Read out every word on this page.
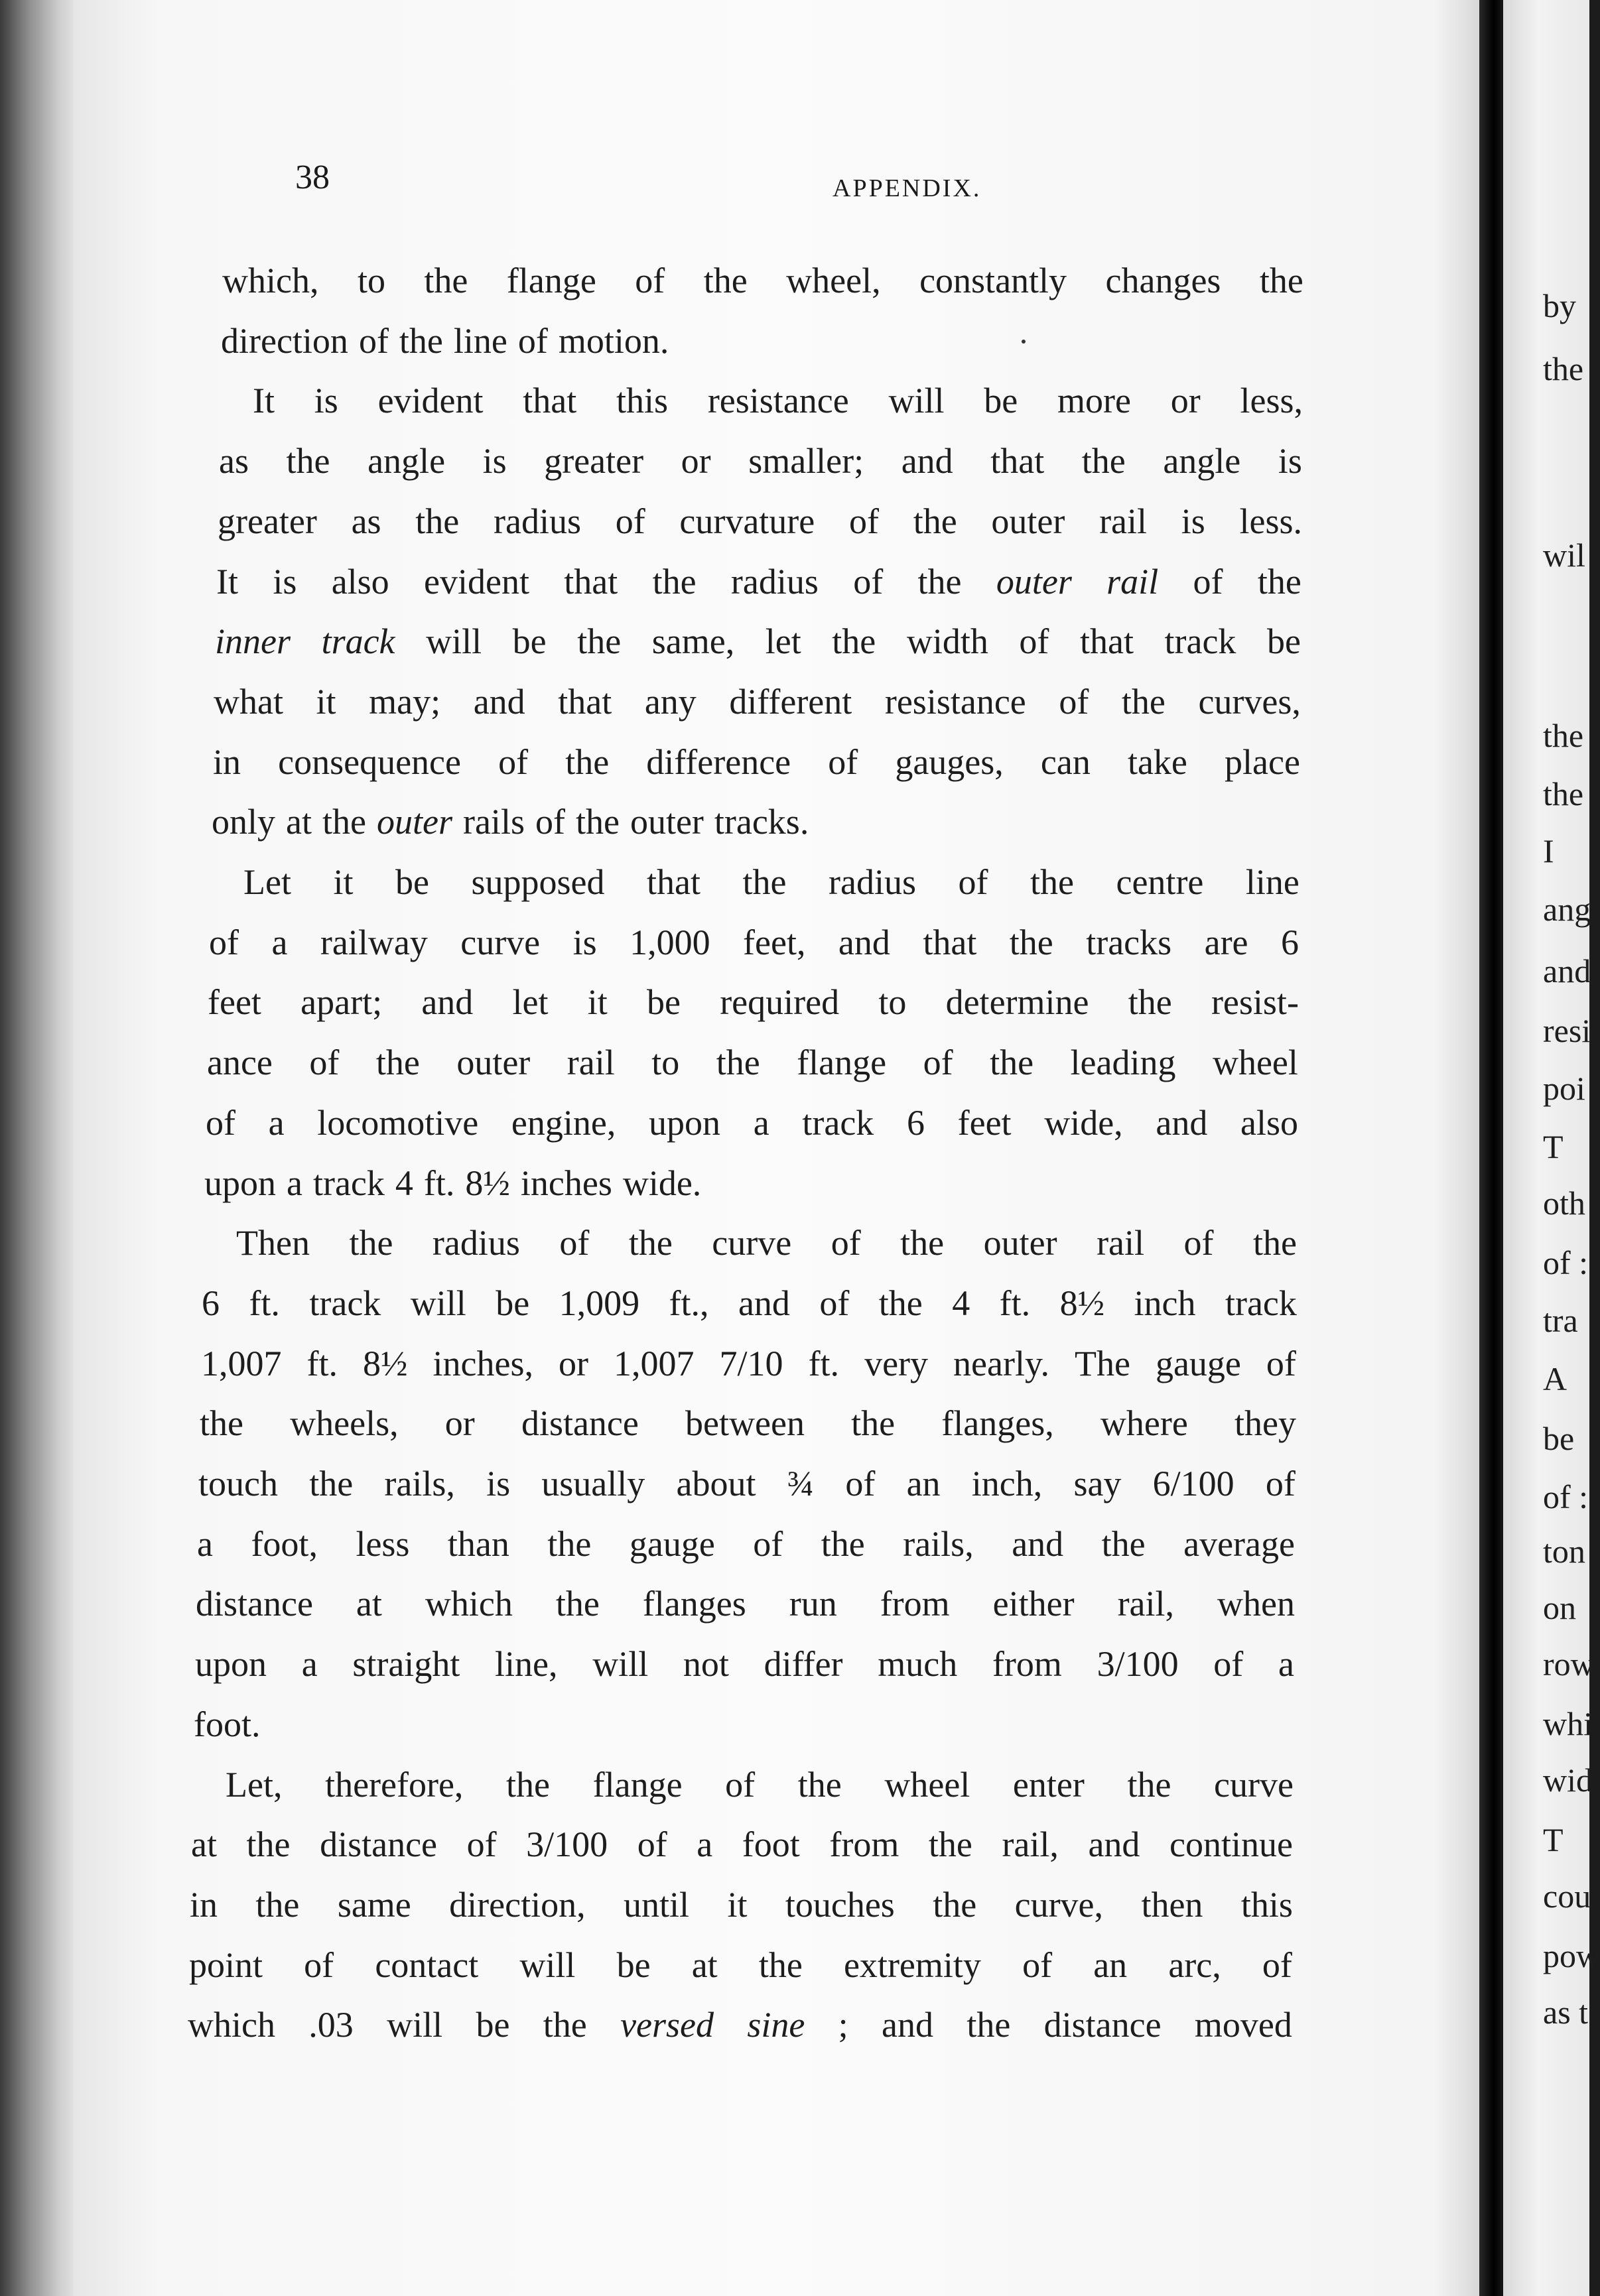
38	APPENDIX.
which, to the flange of the wheel, constantly changes the
direction of the line of motion.
It is evident that this resistance will be more or less,
as the angle is greater or smaller; and that the angle is
greater as the radius of curvature of the outer rail is less.
It is also evident that the radius of the outer rail of the
inner track will be the same, let the width of that track be
what it may; and that any different resistance of the curves,
in consequence of the difference of gauges, can take place
only at the outer rails of the outer tracks.
Let it be supposed that the radius of the centre line
of a railway curve is 1,000 feet, and that the tracks are 6
feet apart; and let it be required to determine the resist-
ance of the outer rail to the flange of the leading wheel
of a locomotive engine, upon a track 6 feet wide, and also
upon a track 4 ft. 8½ inches wide.
Then the radius of the curve of the outer rail of the
6 ft. track will be 1,009 ft., and of the 4 ft. 8½ inch track
1,007 ft. 8½ inches, or 1,007 7/10 ft. very nearly. The gauge of
the wheels, or distance between the flanges, where they
touch the rails, is usually about ¾ of an inch, say 6/100 of
a foot, less than the gauge of the rails, and the average
distance at which the flanges run from either rail, when
upon a straight line, will not differ much from 3/100 of a
foot.
Let, therefore, the flange of the wheel enter the curve
at the distance of 3/100 of a foot from the rail, and continue
in the same direction, until it touches the curve, then this
point of contact will be at the extremity of an arc, of
which .03 will be the versed sine ; and the distance moved
by
the
wil
the
the
I
ang
and
resi
poi
T
oth
of :
tra
A
be
of :
ton
on
row
whi
wid
T
cou
pow
as t
